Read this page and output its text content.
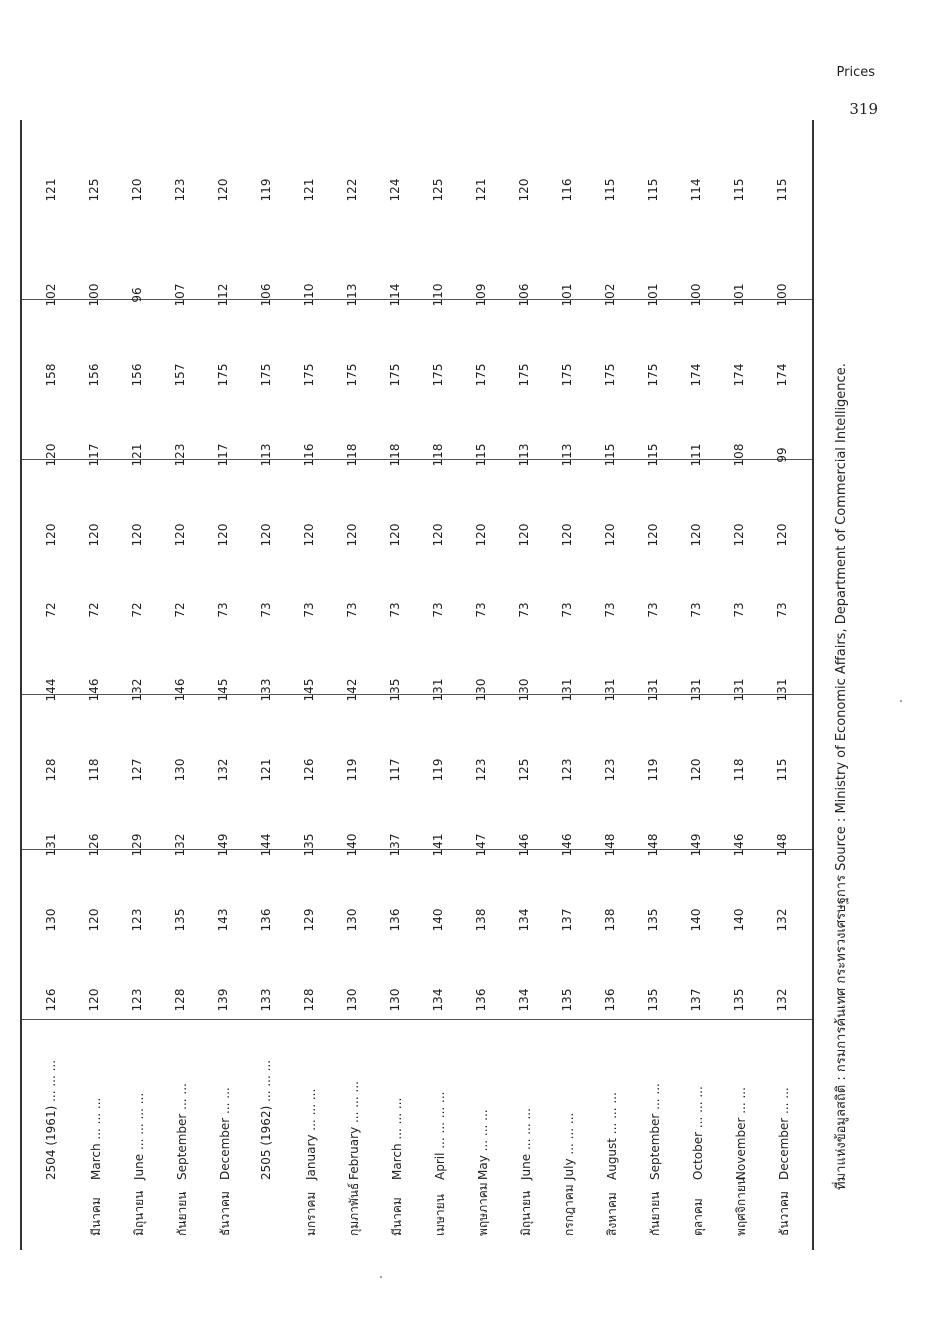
Prices
319
2504 (1961) ... ... ...
126
130
131
128
144
72
120
120
158
102
121
มีนาคมMarch ... ... ...
120
120
126
118
146
72
120
117
156
100
125
มิถุนายนJune ... ... ... ...
123
123
129
127
132
72
120
121
156
96
120
กันยายนSeptember ... ...
128
135
132
130
146
72
120
123
157
107
123
ธันวาคมDecember ... ...
139
143
149
132
145
73
120
117
175
112
120
2505 (1962) ... ... ...
133
136
144
121
133
73
120
113
175
106
119
มกราคมJanuary ... ... ...
128
129
135
126
145
73
120
116
175
110
121
กุมภาพันธ์February ... ... ...
130
130
140
119
142
73
120
118
175
113
122
มีนาคมMarch ... ... ...
130
136
137
117
135
73
120
118
175
114
124
เมษายนApril ... ... ... ...
134
140
141
119
131
73
120
118
175
110
125
พฤษภาคมMay ... ... ...
136
138
147
123
130
73
120
115
175
109
121
มิถุนายนJune ... ... ...
134
134
146
125
130
73
120
113
175
106
120
กรกฎาคมJuly ... ... ...
135
137
146
123
131
73
120
113
175
101
116
สิงหาคมAugust ... ... ...
136
138
148
123
131
73
120
115
175
102
115
กันยายนSeptember ... ...
135
135
148
119
131
73
120
115
175
101
115
ตุลาคมOctober ... ... ...
137
140
149
120
131
73
120
111
174
100
114
พฤศจิกายนNovember ... ...
135
140
146
118
131
73
120
108
174
101
115
ธันวาคมDecember ... ...
132
132
148
115
131
73
120
99
174
100
115
ที่มาแห่งข้อมูลสถิติ : กรมการค้นเทศ กระทรวงเศรษฐการ Source : Ministry of Economic Affairs, Department of Commercial Intelligence.
